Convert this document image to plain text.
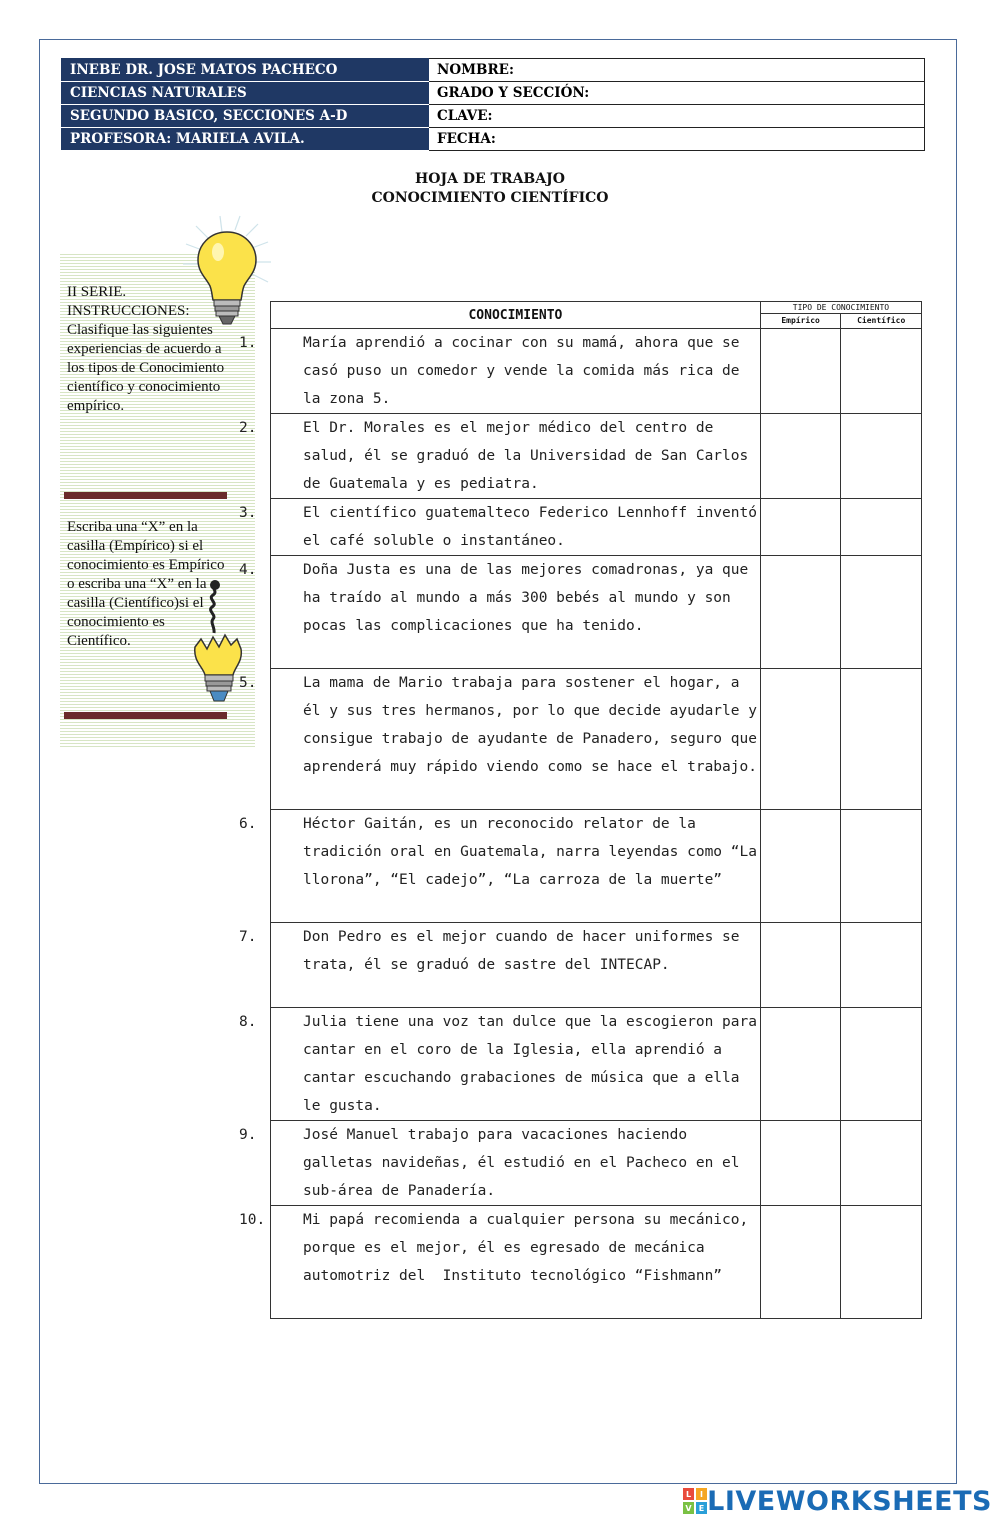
INEBE DR. JOSE MATOS PACHECO	NOMBRE:
CIENCIAS NATURALES	GRADO Y SECCIÓN:
SEGUNDO BASICO, SECCIONES A-D	CLAVE:
PROFESORA: MARIELA AVILA.	FECHA:
HOJA DE TRABAJO
CONOCIMIENTO CIENTÍFICO
II SERIE.
INSTRUCCIONES:
Clasifique las siguientes experiencias de acuerdo a los tipos de Conocimiento científico y conocimiento empírico.
Escriba una “X” en la casilla (Empírico) si el conocimiento es Empírico o escriba una “X” en la casilla (Científico)si el conocimiento es Científico.
CONOCIMIENTO	TIPO DE CONOCIMIENTO	
	Empírico	Científico

1. María aprendió a cocinar con su mamá, ahora que se casó puso un comedor y vende la comida más rica de la zona 5.		

2. El Dr. Morales es el mejor médico del centro de salud, él se graduó de la Universidad de San Carlos de Guatemala y es pediatra.		

3. El científico guatemalteco Federico Lennhoff inventó el café soluble o instantáneo.		

4. Doña Justa es una de las mejores comadronas, ya que ha traído al mundo a más 300 bebés al mundo y son pocas las complicaciones que ha tenido.		

5. La mama de Mario trabaja para sostener el hogar, a él y sus tres hermanos, por lo que decide ayudarle y consigue trabajo de ayudante de Panadero, seguro que aprenderá muy rápido viendo como se hace el trabajo.		

6. Héctor Gaitán, es un reconocido relator de la tradición oral en Guatemala, narra leyendas como “La llorona”, “El cadejo”, “La carroza de la muerte”		

7. Don Pedro es el mejor cuando de hacer uniformes se trata, él se graduó de sastre del INTECAP.		

8. Julia tiene una voz tan dulce que la escogieron para cantar en el coro de la Iglesia, ella aprendió a cantar escuchando grabaciones de música que a ella le gusta.		

9. José Manuel trabajo para vacaciones haciendo galletas navideñas, él estudió en el Pacheco en el sub-área de Panadería.		

10. Mi papá recomienda a cualquier persona su mecánico, porque es el mejor, él es egresado de mecánica automotriz del  Instituto tecnológico “Fishmann”		

L I
V E LIVEWORKSHEETS
